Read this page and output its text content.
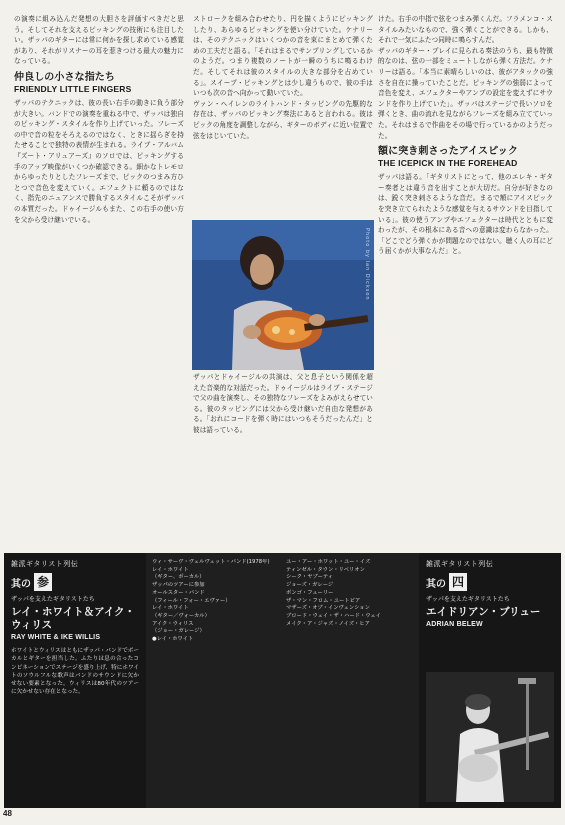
の演奏に組み込んだ発想の大胆さを評価すべきだと思う。そしてそれを支えるピッキングの技術にも注目したい。ザッパのギターには常に何かを探し求めている感覚があり、それがリスナーの耳を惹きつける最大の魅力になっている。

仲良しの小さな指たち
FRIENDLY LITTLE FINGERS

ザッパのテクニックは、彼の長い右手の動きに負う部分が大きい。バンドでの演奏を重ねる中で、ザッパは独自のピッキング・スタイルを作り上げていった。フレーズの中で音の粒をそろえるのではなく、ときに揺らぎを持たせることで独特の表情が生まれる。ライブ・アルバム『ズート・アリュアーズ』のソロでは、ピッキングする手のアップ映像がいくつか確認できる。細かなトレモロからゆったりとしたフレーズまで、ピックのつまみ方ひとつで音色を変えていく。エフェクトに頼るのではなく、指先のニュアンスで勝負するスタイルこそがザッパの本質だった。ドゥイージルもまた、この右手の使い方を父から受け継いでいる。

ストロークを組み合わせたり、円を描くようにピッキングしたり、あらゆるピッキングを使い分けていた。ケナリーは、そのテクニックはいくつかの音を束にまとめて弾くための工夫だと語る。「それはまるでサンプリングしているかのようだ。つまり複数のノートが一瞬のうちに鳴るわけだ。そしてそれは彼のスタイルの大きな部分を占めている」。スイープ・ピッキングとは少し違うもので、彼の手はいつも次の音へ向かって動いていた。

ヴァン・ヘイレンのライトハンド・タッピングの先駆的な存在は、ザッパのピッキング奏法にあると言われる。彼はピックの角度を調整しながら、ギターのボディに近い位置で弦をはじいていた。

Photo by Ian Dickson

ザッパとドゥイージルの共演は、父と息子という関係を超えた音楽的な対話だった。ドゥイージルはライブ・ステージで父の曲を演奏し、その独特なフレーズをよみがえらせている。彼のタッピングには父から受け継いだ自由な発想がある。「おれにコードを弾く時にはいつもそうだったんだ」と彼は語っている。

けた。右手の中指で弦をつまみ弾くんだ。フラメンコ・スタイルみたいなもので、強く弾くことができる。しかも、それで一気にふたつ同時に鳴らすんだ。

ザッパのギター・プレイに見られる奏法のうち、最も特徴的なのは、弦の一部をミュートしながら弾く方法だ。ケナリーは語る。「本当に素晴らしいのは、彼がアタックの強さを自在に操っていたことだ。ピッキングの強弱によって音色を変え、エフェクターやアンプの設定を変えずにサウンドを作り上げていた」。ザッパはステージで長いソロを弾くとき、曲の流れを見ながらフレーズを組み立てていった。それはまるで作曲をその場で行っているかのようだった。

額に突き刺さったアイスピック
THE ICEPICK IN THE FOREHEAD

ザッパは語る。「ギタリストにとって、他のエレキ・ギター奏者とは違う音を出すことが大切だ。自分が好きなのは、鋭く突き刺さるような音だ。まるで額にアイスピックを突き立てられたような感覚を与えるサウンドを目指している」。彼の使うアンプやエフェクターは時代とともに変わったが、その根本にある音への意識は変わらなかった。「どこでどう弾くかが問題なのではない。聴く人の耳にどう届くかが大事なんだ」と。

雑派ギタリスト列伝
其の 参
ザッパを支えたギタリストたち
レイ・ホワイト＆アイク・ウィリス
RAY WHITE & IKE WILLIS
ホワイトとウィリスはともにザッパ・バンドでボーカルとギターを担当した。ふたりは息の合ったコンビネーションでステージを盛り上げ、特にホワイトのソウルフルな歌声はバンドのサウンドに欠かせない要素となった。ウィリスは80年代のツアーに欠かせない存在となった。
ウィ・サーヴ・ヴェルヴェット・バンド(1978年)
レイ・ホワイト
（ギター、ボーカル）
ザッパのツアーに参加
オールスター・バンド
（フィール・フォー・エヴァー）
レイ・ホワイト
（ギター／ヴォーカル）
アイク・ウィリス
（ジョー・ガレージ）
●レイ・ホワイト
ユー・アー・ホワット・ユー・イズ
ティンゼル・タウン・リベリオン
シーク・ヤブーティ
ジョーズ・ガレージ
ボンゴ・フューリー
ザ・マン・フロム・ユートピア
マザーズ・オブ・インヴェンション
ブロード・ウェイ・ザ・ハード・ウェイ
メイク・ア・ジャズ・ノイズ・ヒア
雑派ギタリスト列伝
其の 四
ザッパを支えたギタリストたち
エイドリアン・ブリュー
ADRIAN BELEW
48
